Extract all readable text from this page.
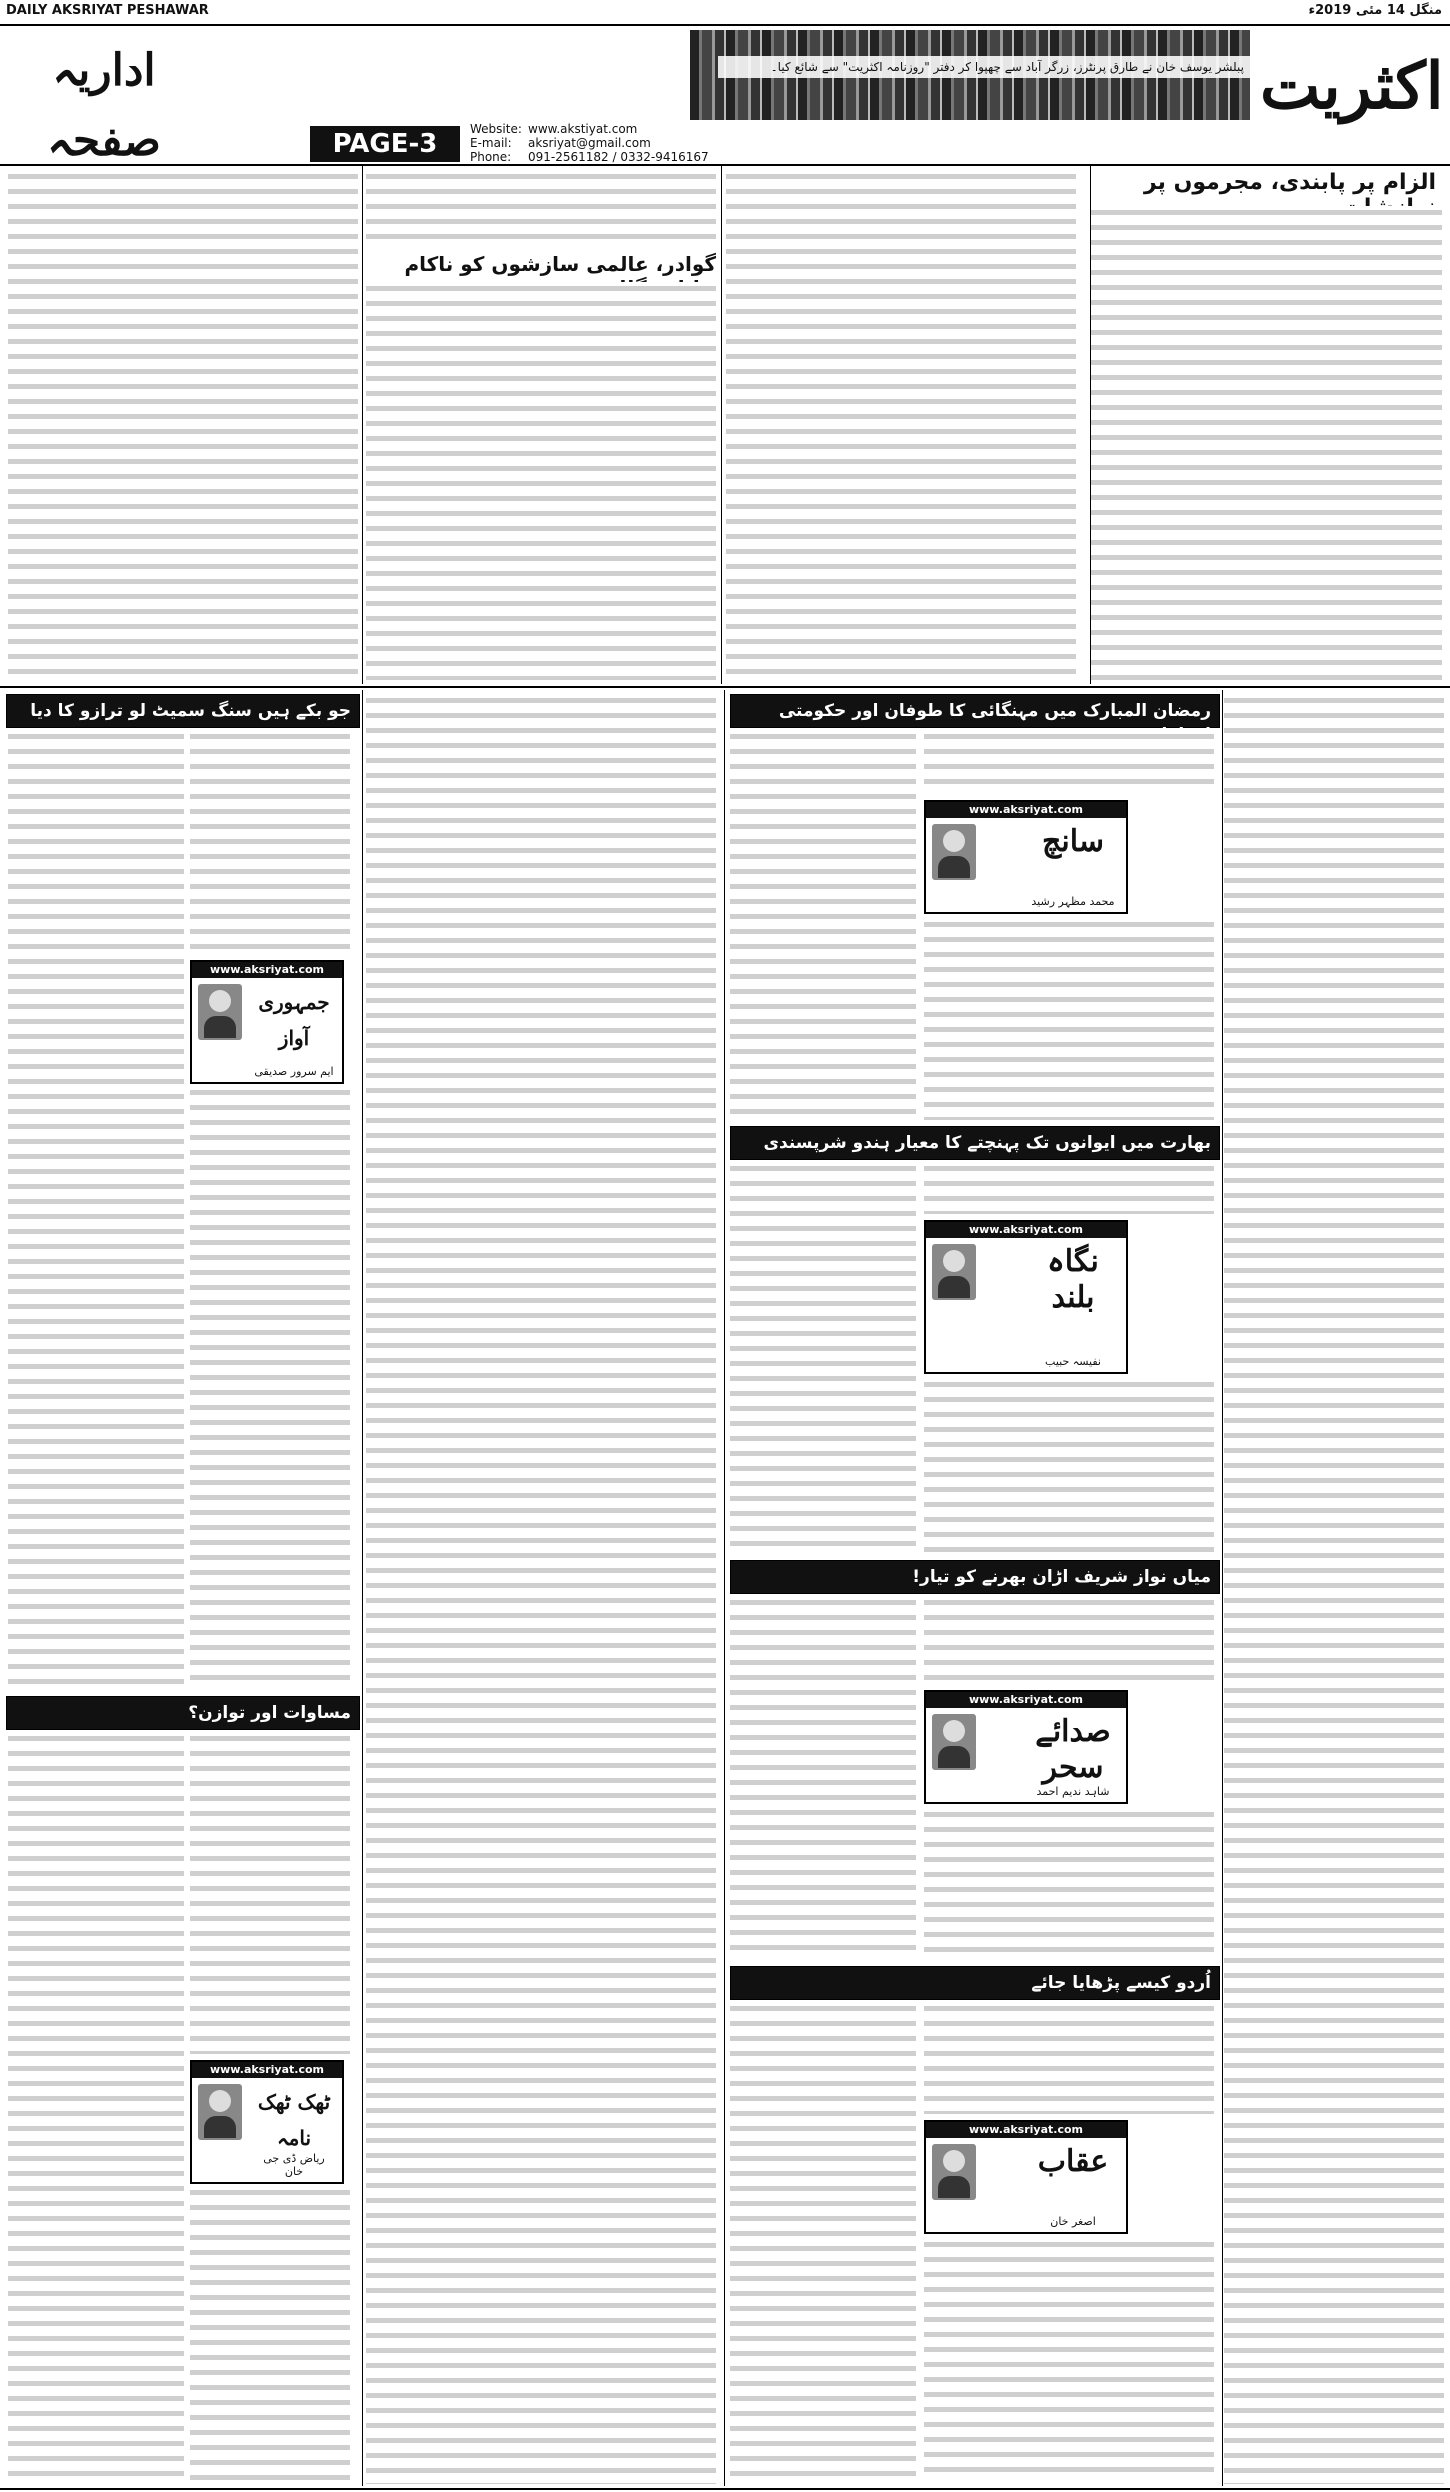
DAILY AKSRIYAT PESHAWAR	منگل 14 مئی 2019ء
پبلشر یوسف خان نے طارق پرنٹرز، زرگر آباد سے چھپوا کر دفتر "روزنامہ اکثریت" سے شائع کیا۔ اکثریت
اداریہ صفحہ	PAGE-3	Website: www.akstiyat.com
E-mail: aksriyat@gmail.com
Phone: 091-2561182 / 0332-9416167
الزام پر پابندی، مجرموں پر
گوادر، عالمی سازشوں کو ناکام
رمضان المبارک میں مہنگائی کا طوفان اور حکومتی
www.aksriyat.com
سانچ
محمد مظہر رشید
بھارت میں ایوانوں تک پہنچتے کا معیار ہندو شرپسندی
www.aksriyat.com
نگاہ بلند
نفیسہ حبیب
میاں نواز شریف اڑان بھرنے کو تیار!
www.aksriyat.com
صدائے سحر
شاہد ندیم احمد
اُردو کیسے پڑھایا جائے
www.aksriyat.com
عقاب
اصغر خان
جو بکے ہیں سنگ سمیٹ لو ترازو کا دیا
www.aksriyat.com
جمہوری آواز
ایم سرور صدیقی
مساوات اور توازن؟
www.aksriyat.com
ٹھک ٹھک نامہ
ریاض ڈی جی خان
